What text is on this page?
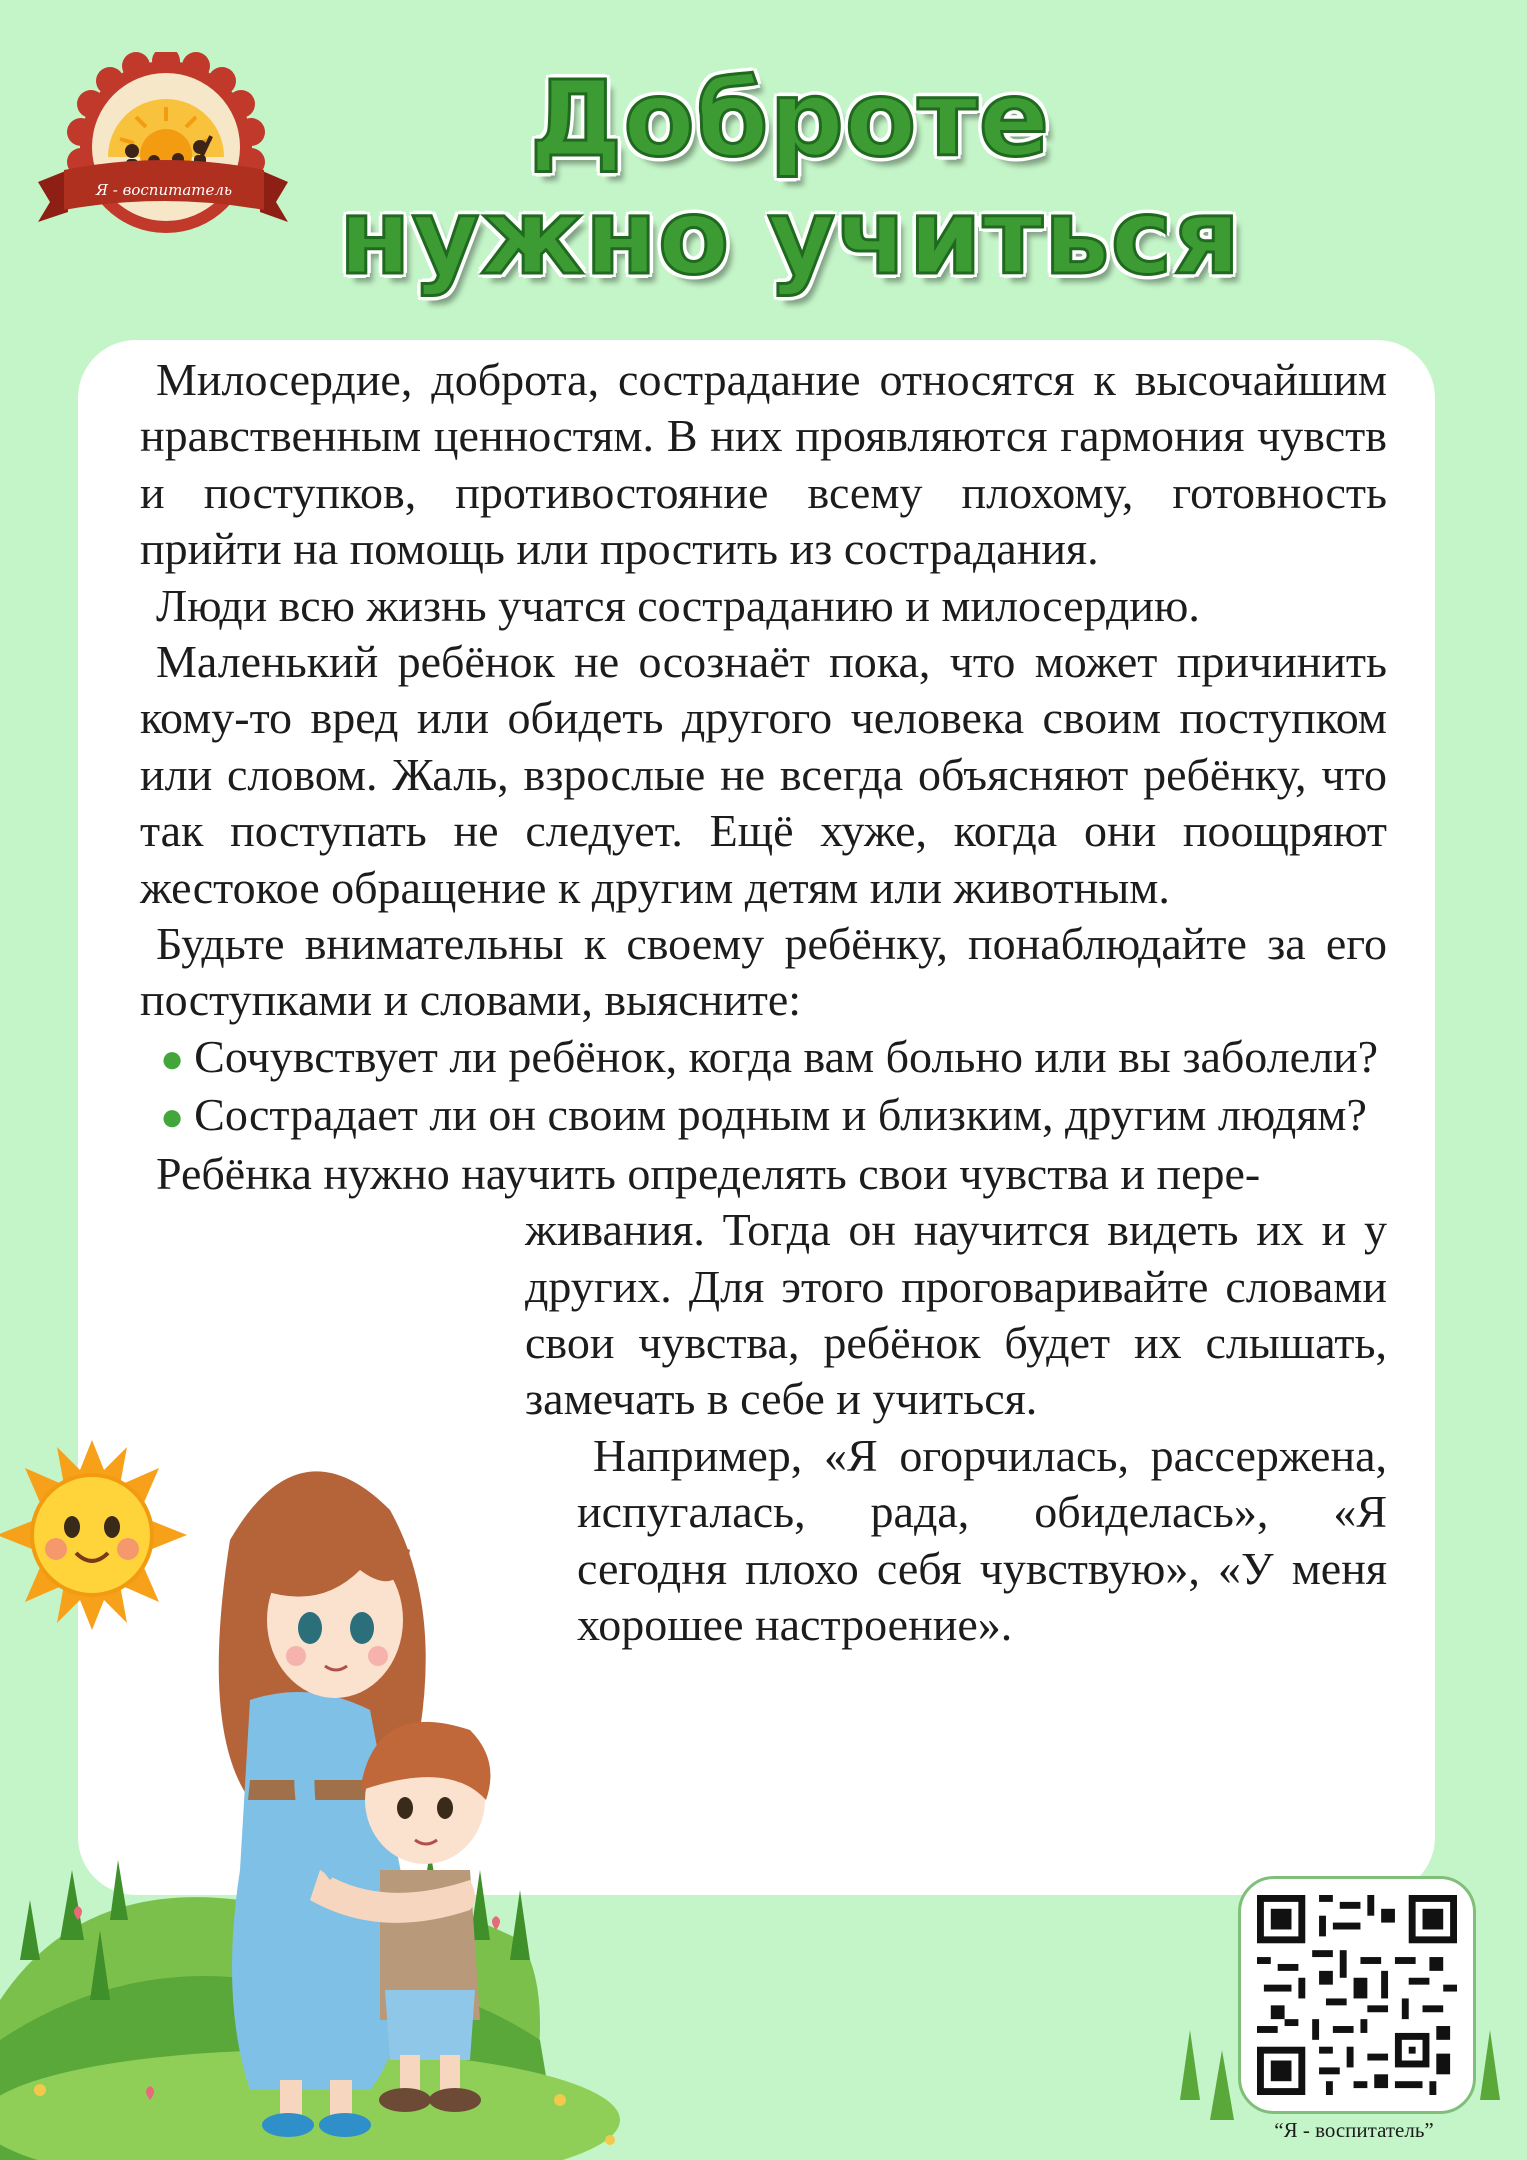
Я - воспитатель
Доброте
нужно учиться

Милосердие, доброта, сострадание относятся к высочайшим нравственным ценностям. В них проявляются гармония чувств и поступков, противостояние всему плохому, готовность прийти на помощь или простить из сострадания.

Люди всю жизнь учатся состраданию и милосердию.

Маленький ребёнок не осознаёт пока, что может причинить кому-то вред или обидеть другого человека своим поступком или словом. Жаль, взрослые не всегда объясняют ребёнку, что так поступать не следует. Ещё хуже, когда они поощряют жестокое обращение к другим детям или животным.

Будьте внимательны к своему ребёнку, понаблюдайте за его поступками и словами, выясните:

● Сочувствует ли ребёнок, когда вам больно или вы заболели?

● Сострадает ли он своим родным и близким, другим людям?

Ребёнка нужно научить определять свои чувства и пере-

живания. Тогда он научится видеть их и у других. Для этого проговаривайте словами свои чувства, ребёнок будет их слышать, замечать в себе и учиться.

Например, «Я огорчилась, рассержена, испугалась, рада, обиделась», «Я сегодня плохо себя чувствую», «У меня хорошее настроение».

“Я - воспитатель”
